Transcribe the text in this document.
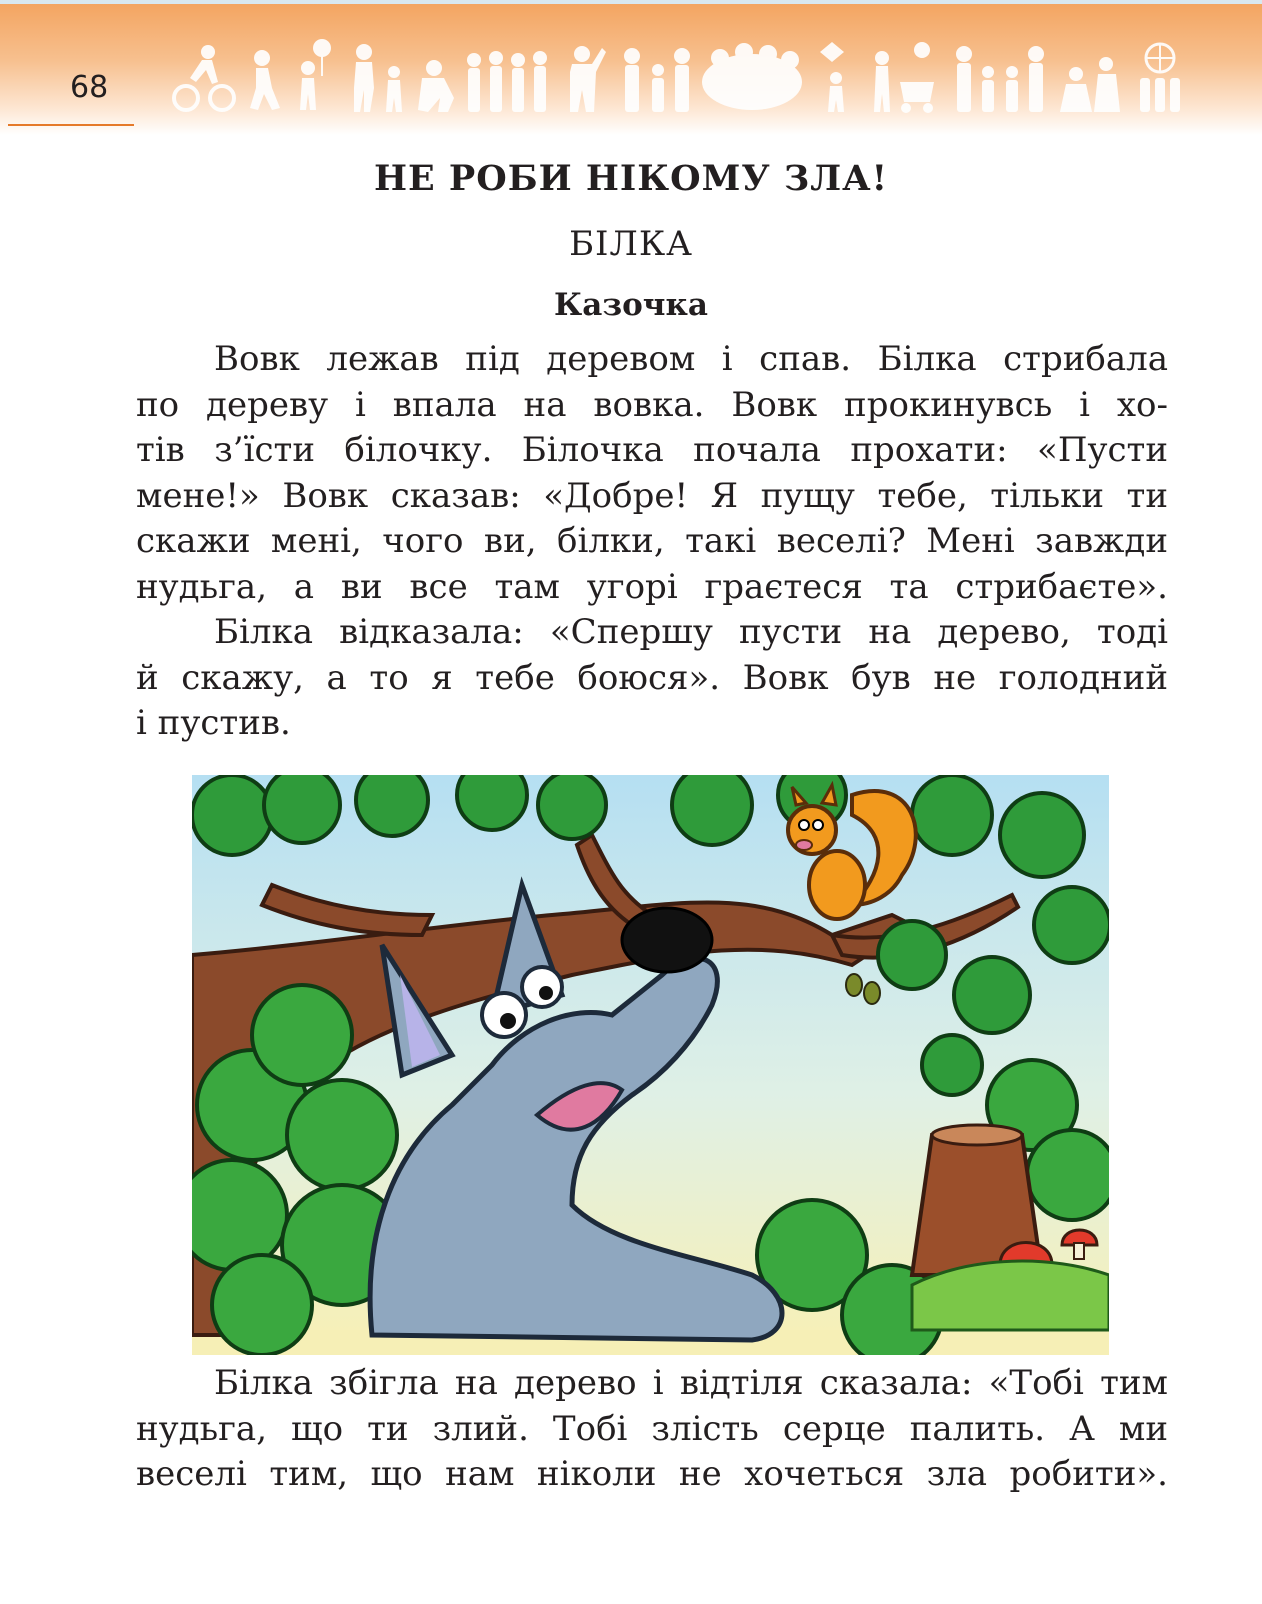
68
НЕ РОБИ НІКОМУ ЗЛА!
БІЛКА
Казочка
Вовк лежав під деревом і спав. Білка стрибала
по дереву і впала на вовка. Вовк прокинувсь і хо-
тів з’їсти білочку. Білочка почала прохати: «Пусти
мене!» Вовк сказав: «Добре! Я пущу тебе, тільки ти
скажи мені, чого ви, білки, такі веселі? Мені завжди
нудьга, а ви все там угорі граєтеся та стрибаєте».
Білка відказала: «Спершу пусти на дерево, тоді
й скажу, а то я тебе боюся». Вовк був не голодний
і пустив.
Білка збігла на дерево і відтіля сказала: «Тобі тим
нудьга, що ти злий. Тобі злість серце палить. А ми
веселі тим, що нам ніколи не хочеться зла робити».
